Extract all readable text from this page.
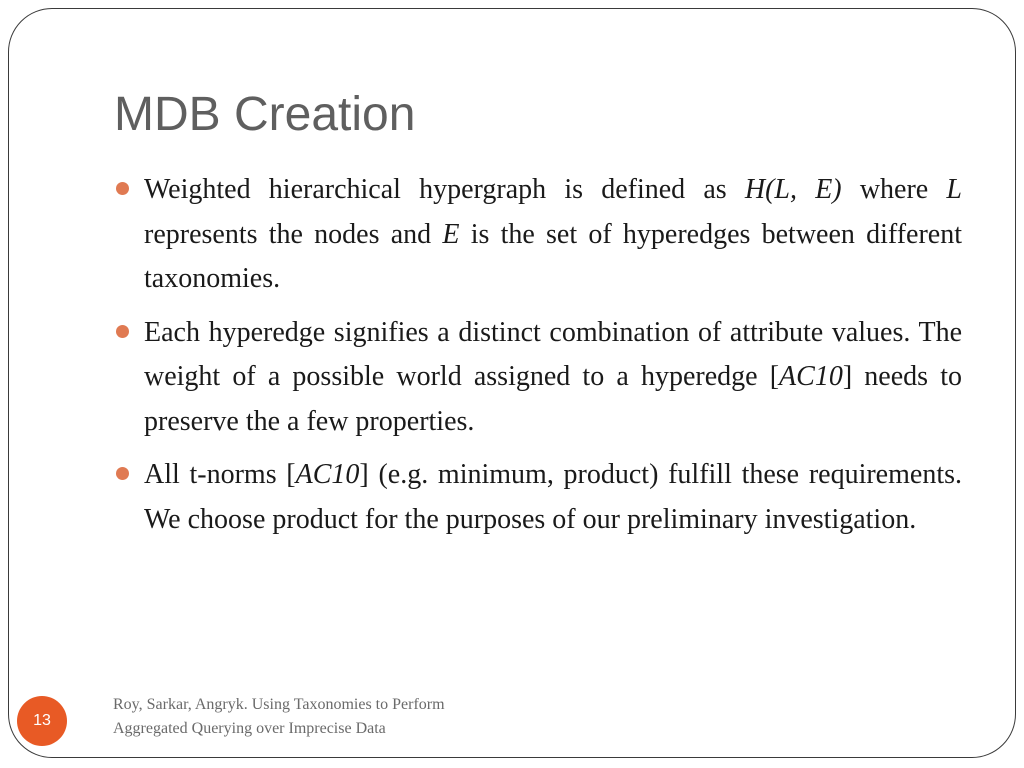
MDB Creation
Weighted hierarchical hypergraph is defined as H(L, E) where L represents the nodes and E is the set of hyperedges between different taxonomies.
Each hyperedge signifies a distinct combination of attribute values. The weight of a possible world assigned to a hyperedge [AC10] needs to preserve the a few properties.
All t-norms [AC10] (e.g. minimum, product) fulfill these requirements. We choose product for the purposes of our preliminary investigation.
13
Roy, Sarkar, Angryk. Using Taxonomies to Perform
Aggregated Querying over Imprecise Data
